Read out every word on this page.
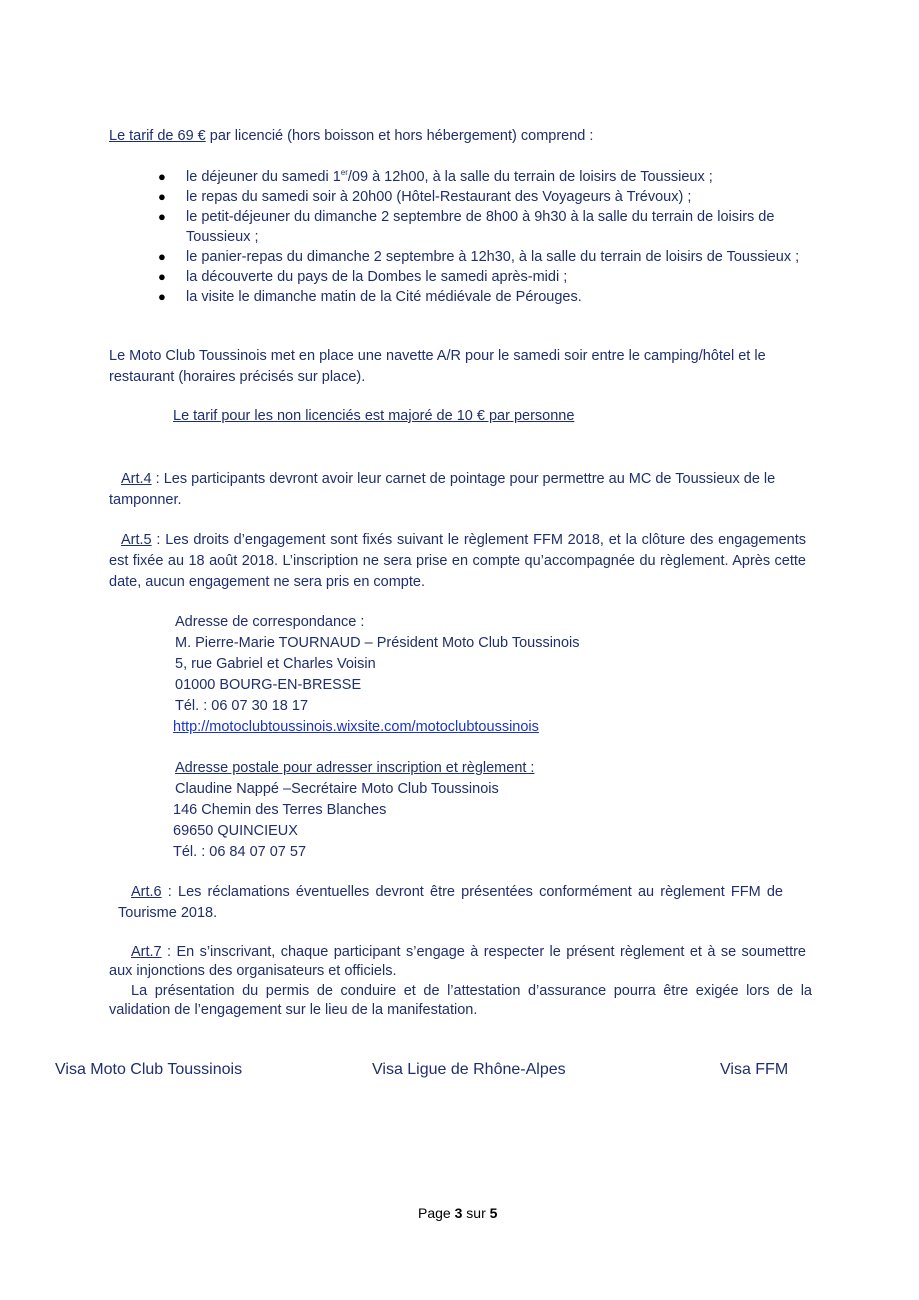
Le tarif de 69 € par licencié (hors boisson et hors hébergement) comprend :
● le déjeuner du samedi 1er/09 à 12h00, à la salle du terrain de loisirs de Toussieux ;
● le repas du samedi soir à 20h00 (Hôtel-Restaurant des Voyageurs à Trévoux) ;
● le petit-déjeuner du dimanche 2 septembre de 8h00 à 9h30 à la salle du terrain de loisirs de Toussieux ;
● le panier-repas du dimanche 2 septembre à 12h30, à la salle du terrain de loisirs de Toussieux ;
● la découverte du pays de la Dombes le samedi après-midi ;
● la visite le dimanche matin de la Cité médiévale de Pérouges.
Le Moto Club Toussinois met en place une navette A/R pour le samedi soir entre le camping/hôtel et le restaurant (horaires précisés sur place).
Le tarif pour les non licenciés est majoré de 10 € par personne
Art.4 : Les participants devront avoir leur carnet de pointage pour permettre au MC de Toussieux de le tamponner.
Art.5 : Les droits d’engagement sont fixés suivant le règlement FFM 2018, et la clôture des engagements est fixée au 18 août 2018. L’inscription ne sera prise en compte qu’accompagnée du règlement. Après cette date, aucun engagement ne sera pris en compte.
Adresse de correspondance :
M. Pierre-Marie TOURNAUD – Président Moto Club Toussinois
5, rue Gabriel et Charles Voisin
01000 BOURG-EN-BRESSE
Tél. : 06 07 30 18 17
http://motoclubtoussinois.wixsite.com/motoclubtoussinois
Adresse postale pour adresser inscription et règlement :
Claudine Nappé –Secrétaire Moto Club Toussinois
146 Chemin des Terres Blanches
69650 QUINCIEUX
Tél. : 06 84 07 07 57
Art.6 : Les réclamations éventuelles devront être présentées conformément au règlement FFM de Tourisme 2018.
Art.7 : En s’inscrivant, chaque participant s’engage à respecter le présent règlement et à se soumettre aux injonctions des organisateurs et officiels.
La présentation du permis de conduire et de l’attestation d’assurance pourra être exigée lors de la validation de l’engagement sur le lieu de la manifestation.
Visa Moto Club Toussinois	Visa Ligue de Rhône-Alpes	Visa FFM
Page 3 sur 5
